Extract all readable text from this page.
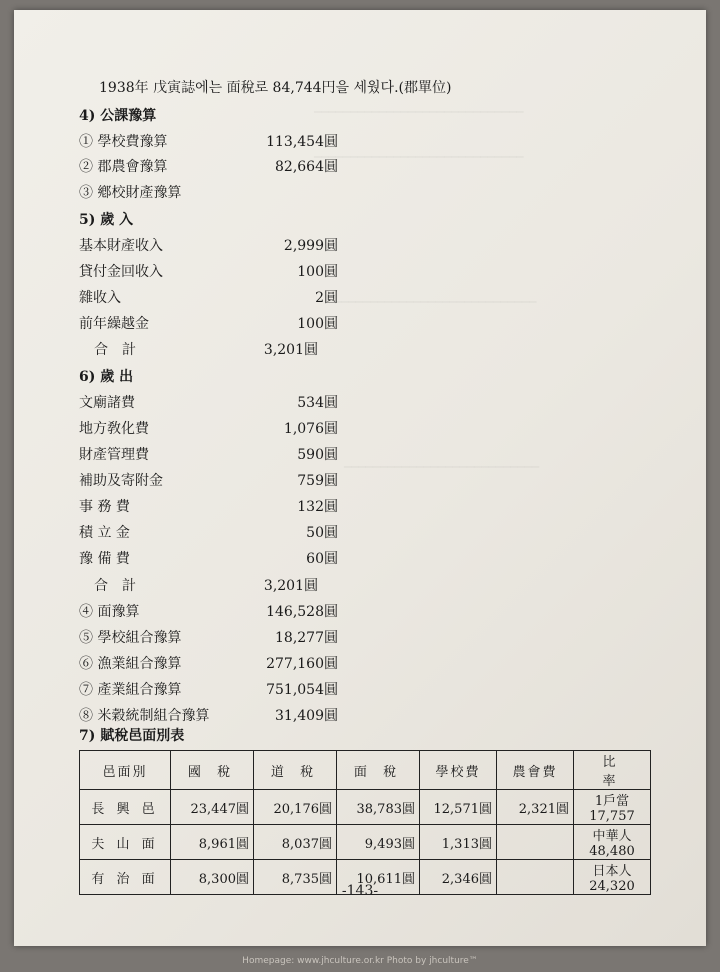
─────────────────────────────
─────────────────────────────
────────────────────────────
───────────────────────────
1938年 戊寅誌에는 面稅로 84,744円을 세웠다.(郡單位)
4) 公課豫算
① 學校費豫算	113,454圓
② 郡農會豫算	82,664圓
③ 鄕校財產豫算
5) 歲 入
基本財產收入	2,999圓
貸付金回收入	100圓
雜收入	2圓
前年繰越金	100圓
合　計	3,201圓
6) 歲 出
文廟諸費	534圓
地方敎化費	1,076圓
財產管理費	590圓
補助及寄附金	759圓
事 務 費	132圓
積 立 金	50圓
豫 備 費	60圓
合　計	3,201圓
④ 面豫算	146,528圓
⑤ 學校組合豫算	18,277圓
⑥ 漁業組合豫算	277,160圓
⑦ 產業組合豫算	751,054圓
⑧ 米穀統制組合豫算	31,409圓
7) 賦稅邑面別表
邑面別	國 稅	道 稅	面 稅	學校費	農會費	比　　率
長 興 邑	23,447圓	20,176圓	38,783圓	12,571圓	2,321圓	1戶當 17,757
夫 山 面	8,961圓	8,037圓	9,493圓	1,313圓		中華人 48,480
有 治 面	8,300圓	8,735圓	10,611圓	2,346圓		日本人 24,320
-143-
Homepage: www.jhculture.or.kr Photo by jhculture™
